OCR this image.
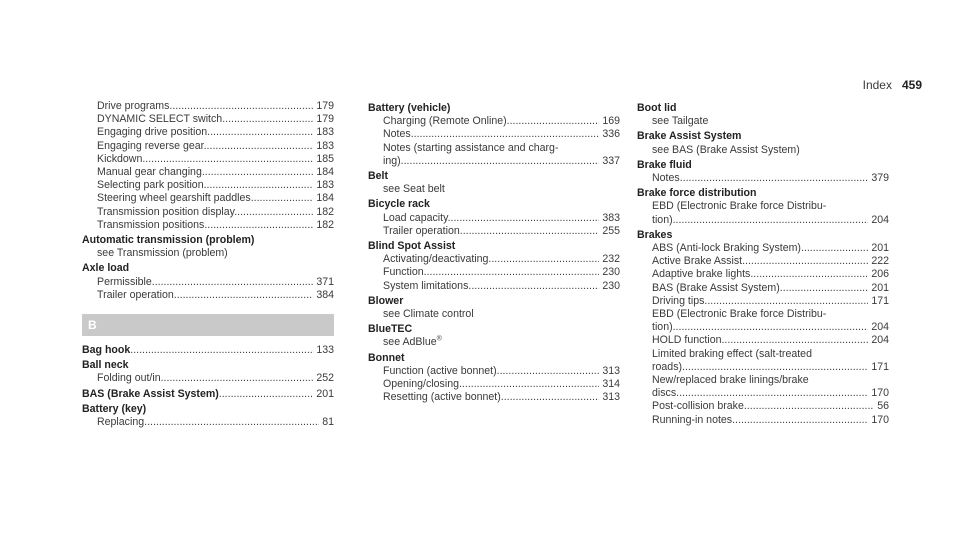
Index 459
Drive programs .....	179
DYNAMIC SELECT switch .....	179
Engaging drive position .....	183
Engaging reverse gear .....	183
Kickdown .....	185
Manual gear changing .....	184
Selecting park position .....	183
Steering wheel gearshift paddles .....	184
Transmission position display .....	182
Transmission positions .....	182
Automatic transmission (problem)
see Transmission (problem)
Axle load
Permissible .....	371
Trailer operation .....	384
B
Bag hook .....	133
Ball neck
Folding out/in .....	252
BAS (Brake Assist System) .....	201
Battery (key)
Replacing .....	81
Battery (vehicle)
Charging (Remote Online) .....	169
Notes .....	336
Notes (starting assistance and charg-
ing) .....	337
Belt
see Seat belt
Bicycle rack
Load capacity .....	383
Trailer operation .....	255
Blind Spot Assist
Activating/deactivating .....	232
Function .....	230
System limitations .....	230
Blower
see Climate control
BlueTEC
see AdBlue®
Bonnet
Function (active bonnet) .....	313
Opening/closing .....	314
Resetting (active bonnet) .....	313
Boot lid
see Tailgate
Brake Assist System
see BAS (Brake Assist System)
Brake fluid
Notes .....	379
Brake force distribution
EBD (Electronic Brake force Distribu-
tion) .....	204
Brakes
ABS (Anti-lock Braking System) .....	201
Active Brake Assist .....	222
Adaptive brake lights .....	206
BAS (Brake Assist System) .....	201
Driving tips .....	171
EBD (Electronic Brake force Distribu-
tion) .....	204
HOLD function .....	204
Limited braking effect (salt-treated
roads) .....	171
New/replaced brake linings/brake
discs .....	170
Post-collision brake .....	56
Running-in notes .....	170
